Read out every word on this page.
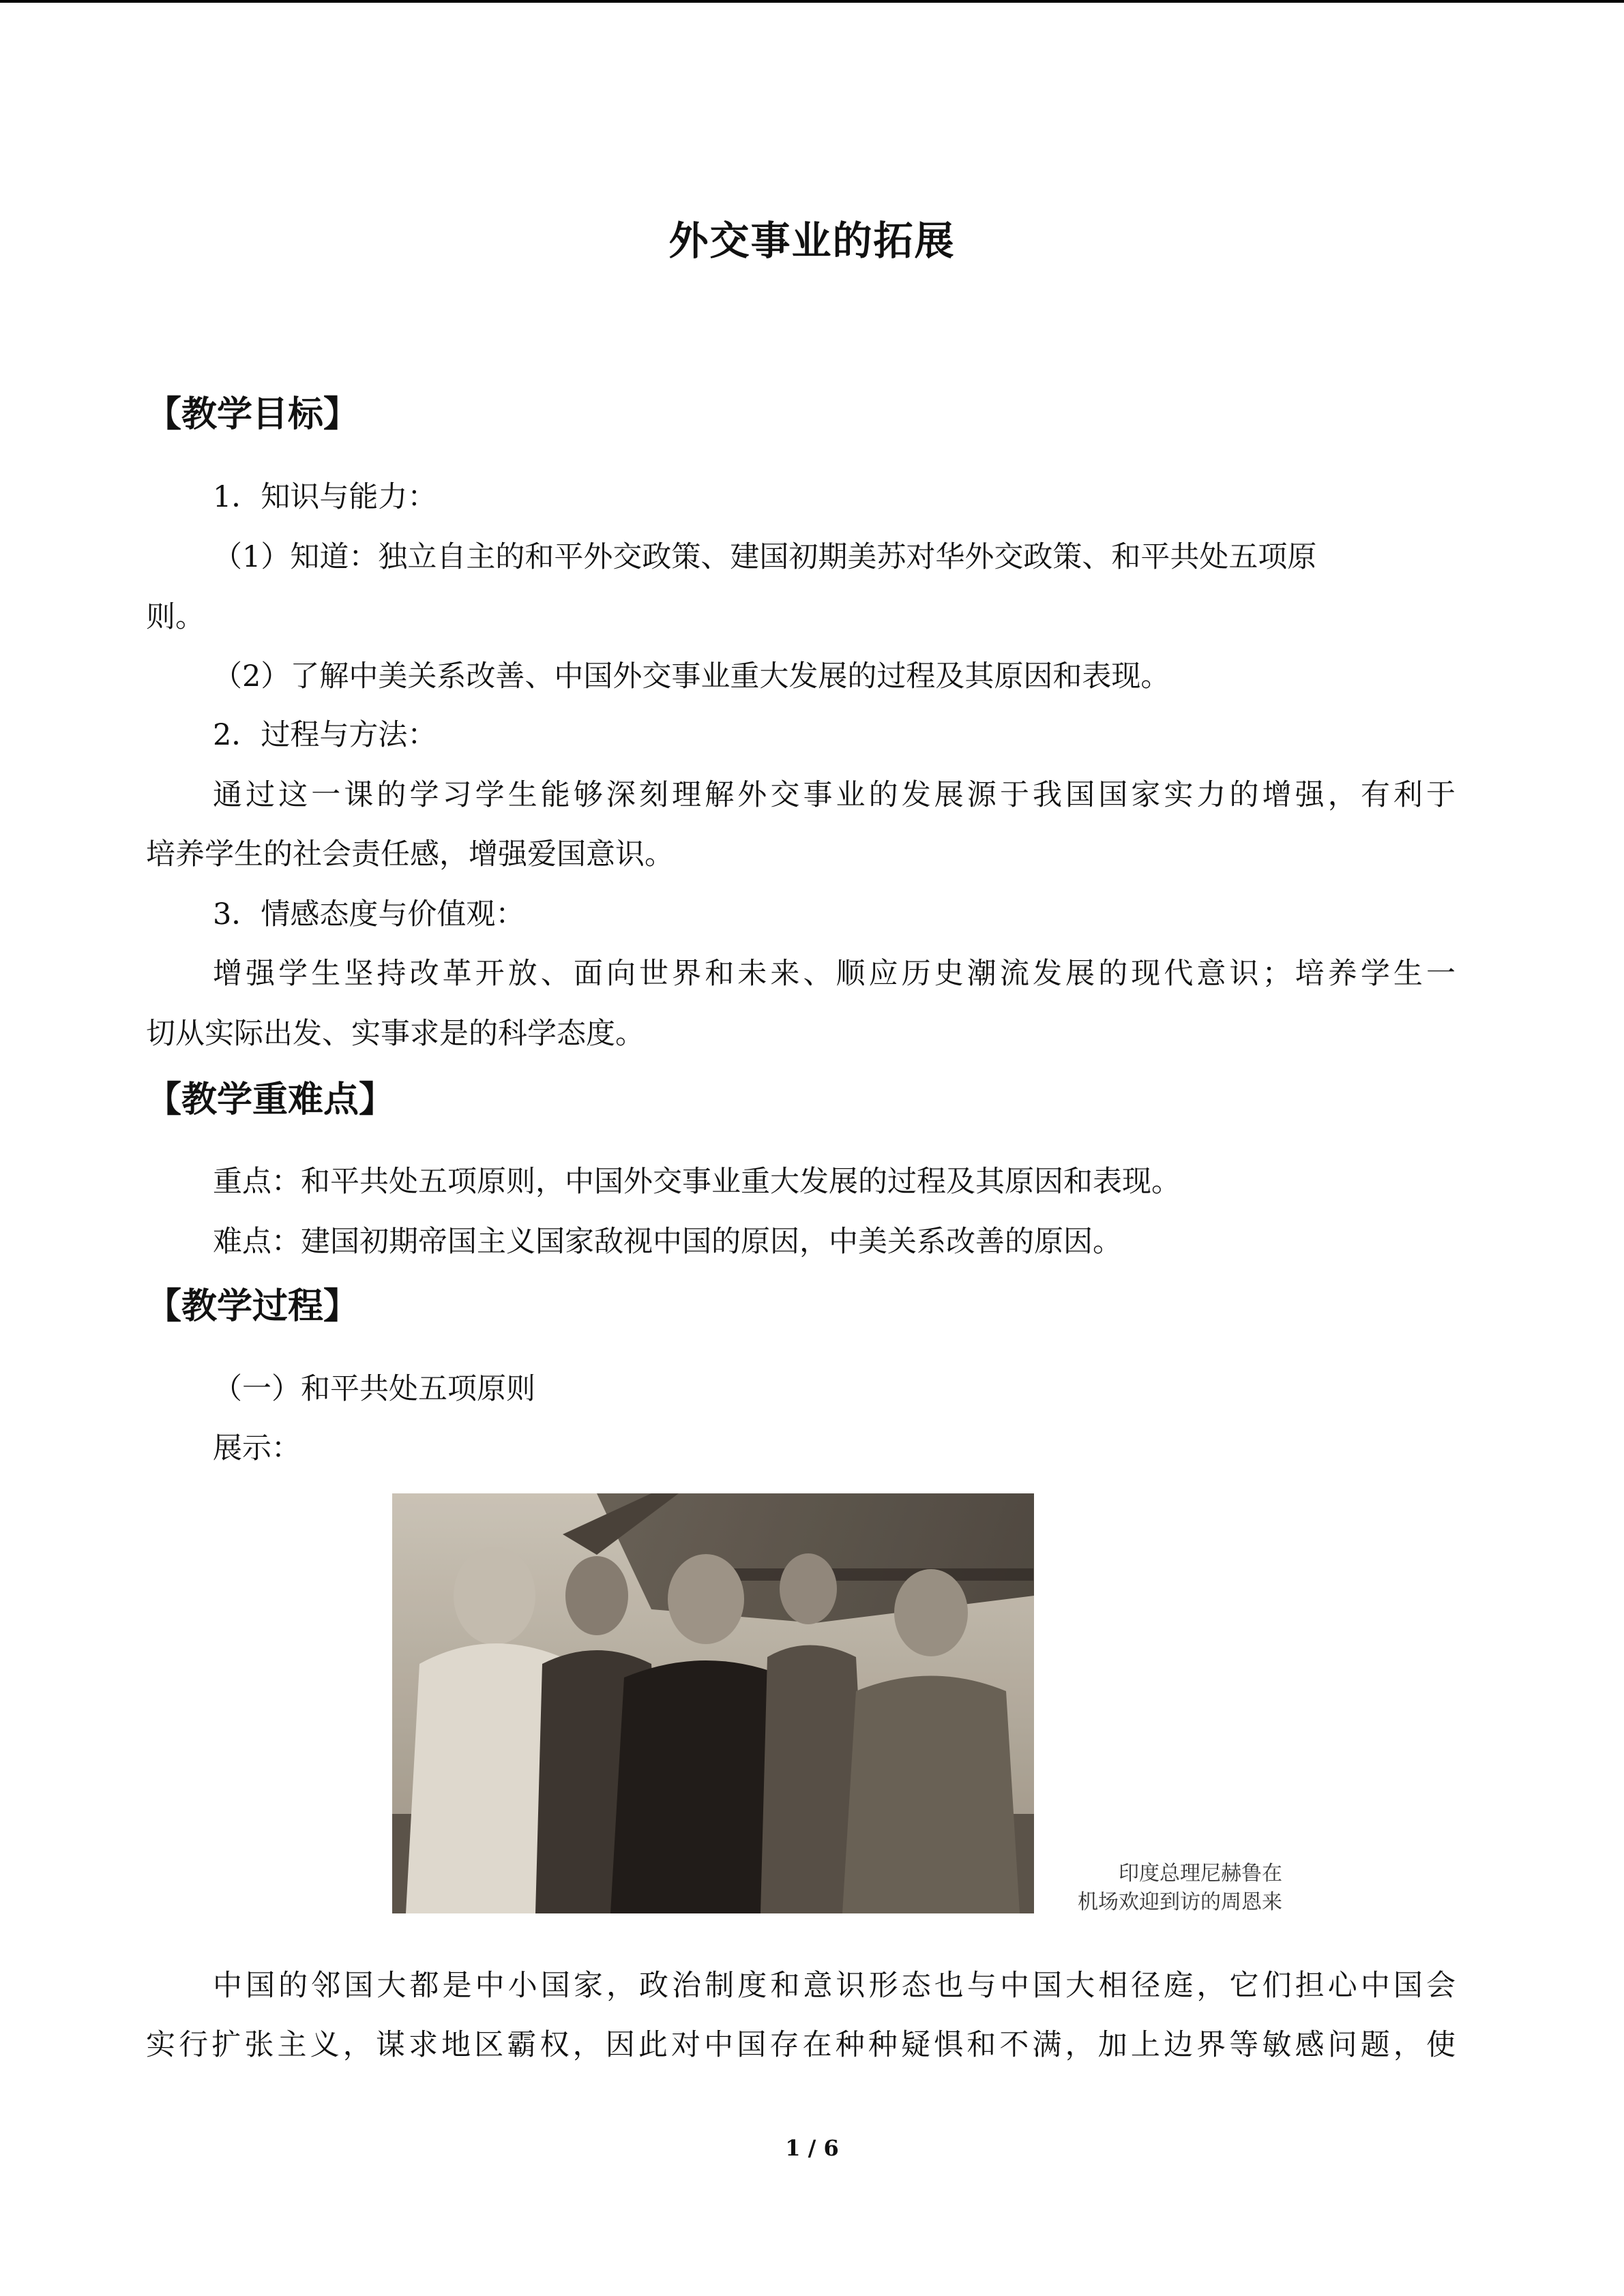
外交事业的拓展
【教学目标】
1．知识与能力：
（1）知道：独立自主的和平外交政策、建国初期美苏对华外交政策、和平共处五项原
则。
（2）了解中美关系改善、中国外交事业重大发展的过程及其原因和表现。
2．过程与方法：
通过这一课的学习学生能够深刻理解外交事业的发展源于我国国家实力的增强，有利于
培养学生的社会责任感，增强爱国意识。
3．情感态度与价值观：
增强学生坚持改革开放、面向世界和未来、顺应历史潮流发展的现代意识；培养学生一
切从实际出发、实事求是的科学态度。
【教学重难点】
重点：和平共处五项原则，中国外交事业重大发展的过程及其原因和表现。
难点：建国初期帝国主义国家敌视中国的原因，中美关系改善的原因。
【教学过程】
（一）和平共处五项原则
展示：
印度总理尼赫鲁在
机场欢迎到访的周恩来
中国的邻国大都是中小国家，政治制度和意识形态也与中国大相径庭，它们担心中国会
实行扩张主义，谋求地区霸权，因此对中国存在种种疑惧和不满，加上边界等敏感问题，使
1 / 6
